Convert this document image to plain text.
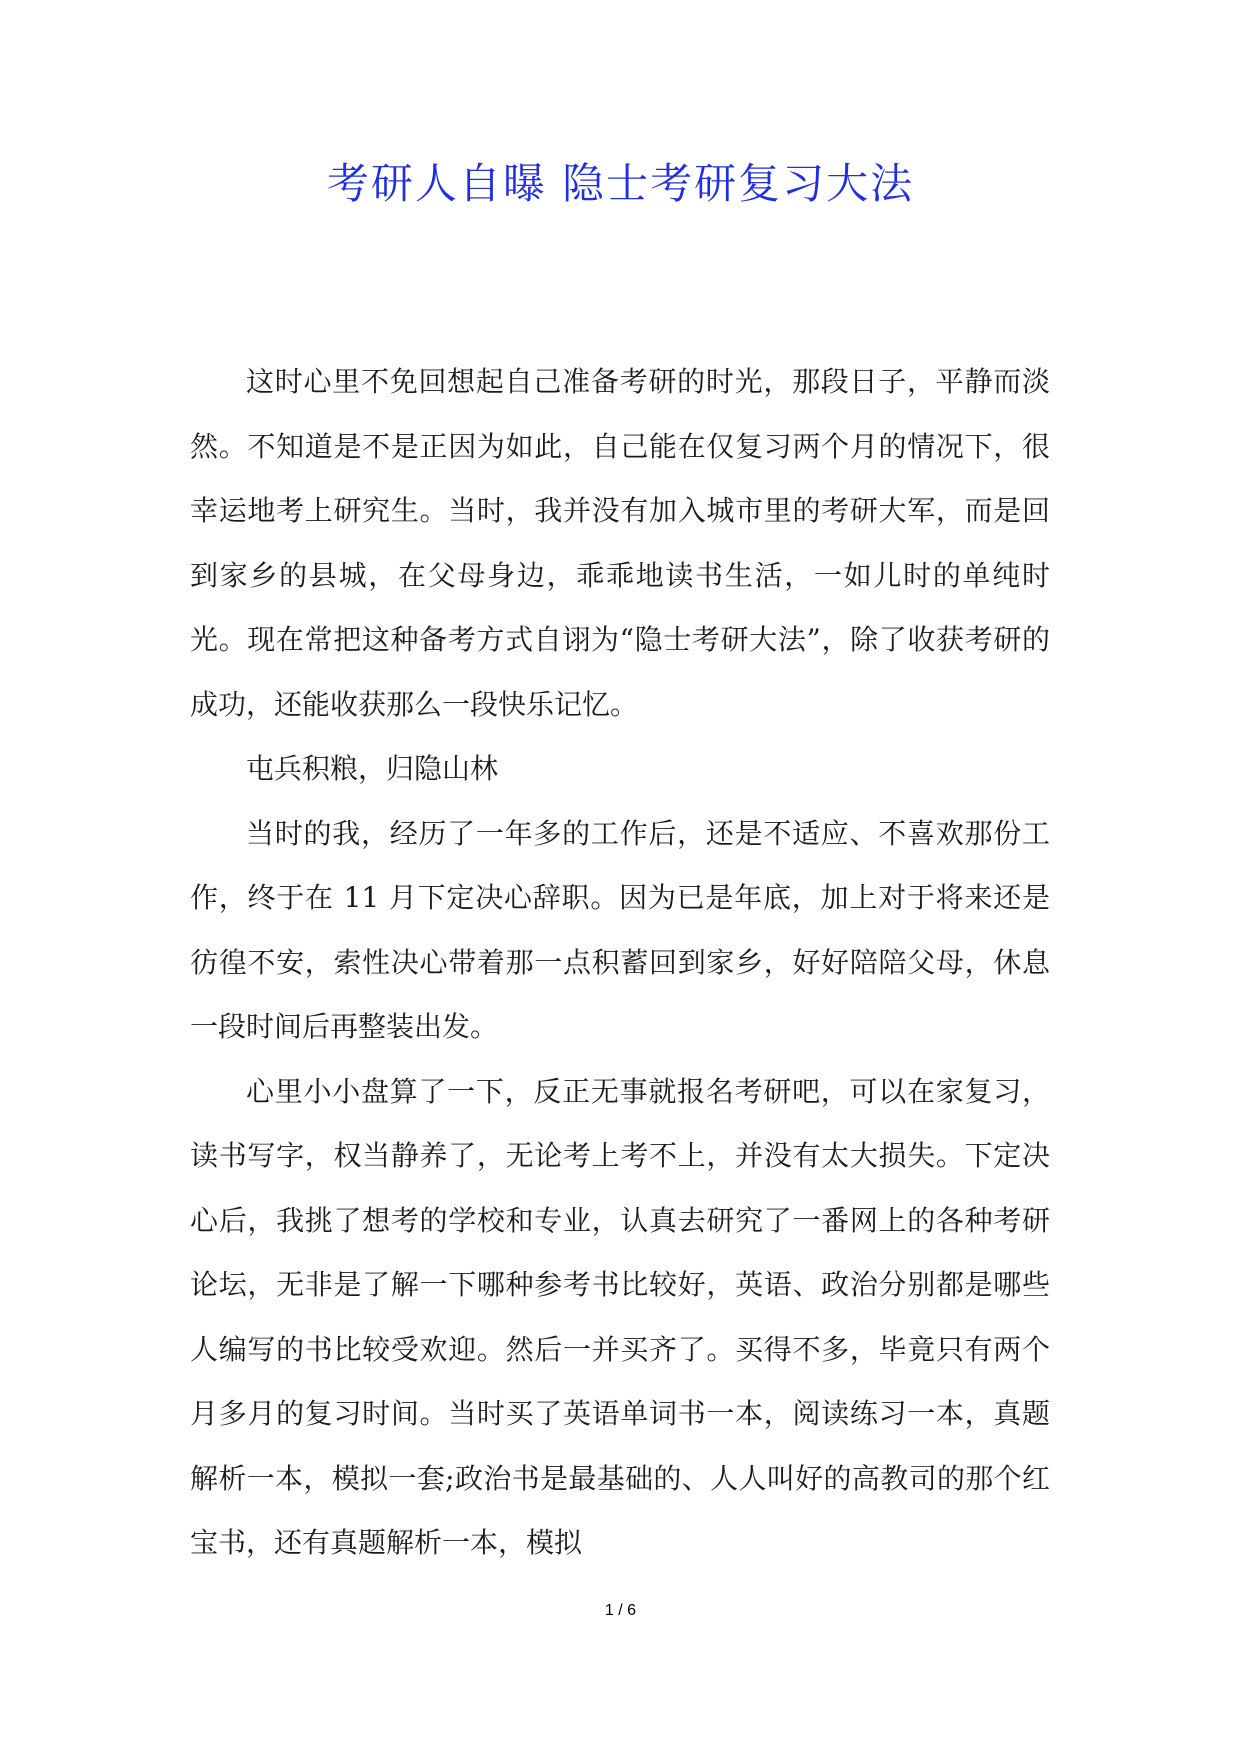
考研人自曝 隐士考研复习大法

这时心里不免回想起自己准备考研的时光，那段日子，平静而淡然。不知道是不是正因为如此，自己能在仅复习两个月的情况下，很幸运地考上研究生。当时，我并没有加入城市里的考研大军，而是回到家乡的县城，在父母身边，乖乖地读书生活，一如儿时的单纯时光。现在常把这种备考方式自诩为“隐士考研大法”，除了收获考研的成功，还能收获那么一段快乐记忆。

屯兵积粮，归隐山林

当时的我，经历了一年多的工作后，还是不适应、不喜欢那份工作，终于在 11 月下定决心辞职。因为已是年底，加上对于将来还是彷徨不安，索性决心带着那一点积蓄回到家乡，好好陪陪父母，休息一段时间后再整装出发。

心里小小盘算了一下，反正无事就报名考研吧，可以在家复习，读书写字，权当静养了，无论考上考不上，并没有太大损失。下定决心后，我挑了想考的学校和专业，认真去研究了一番网上的各种考研论坛，无非是了解一下哪种参考书比较好，英语、政治分别都是哪些人编写的书比较受欢迎。然后一并买齐了。买得不多，毕竟只有两个月多月的复习时间。当时买了英语单词书一本，阅读练习一本，真题解析一本，模拟一套;政治书是最基础的、人人叫好的高教司的那个红宝书，还有真题解析一本，模拟

1 / 6
